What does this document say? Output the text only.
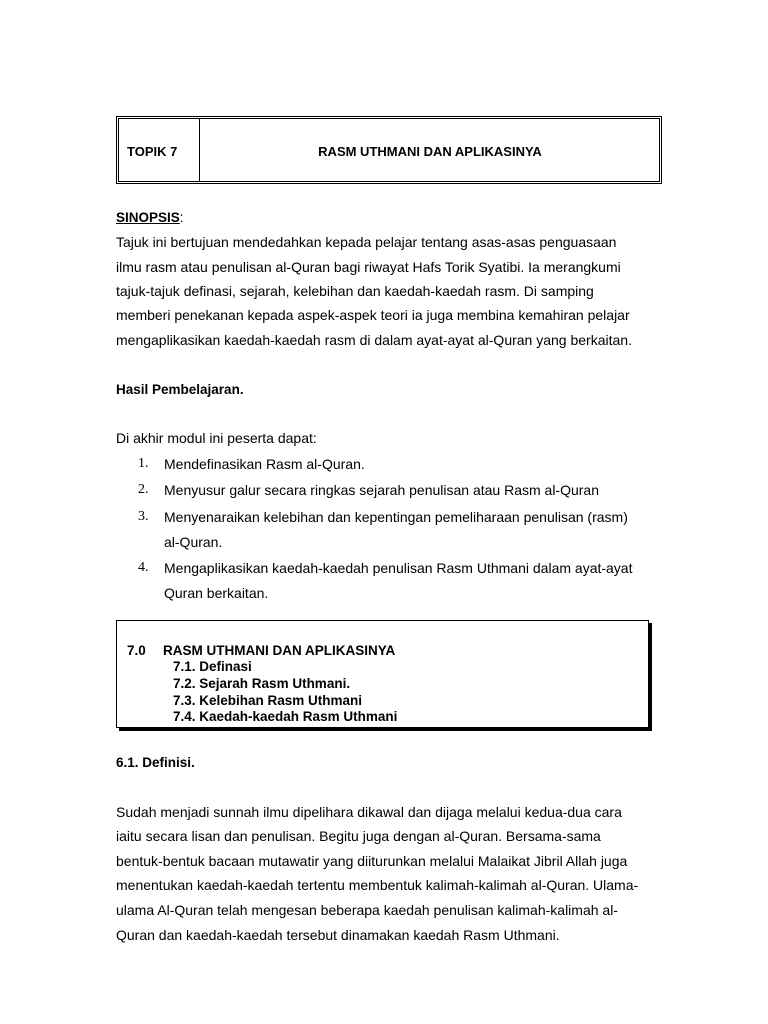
TOPIK 7	RASM UTHMANI DAN APLIKASINYA
SINOPSIS:
Tajuk ini bertujuan mendedahkan kepada pelajar tentang asas-asas penguasaan
ilmu rasm atau penulisan al-Quran bagi riwayat Hafs Torik Syatibi. Ia merangkumi
tajuk-tajuk definasi, sejarah, kelebihan dan kaedah-kaedah rasm. Di samping
memberi penekanan kepada aspek-aspek teori ia juga membina kemahiran pelajar
mengaplikasikan kaedah-kaedah rasm di dalam ayat-ayat al-Quran yang berkaitan.
Hasil Pembelajaran.
Di akhir modul ini peserta dapat:
1. Mendefinasikan Rasm al-Quran.
2. Menyusur galur secara ringkas sejarah penulisan atau Rasm al-Quran
3. Menyenaraikan kelebihan dan kepentingan pemeliharaan penulisan (rasm)
al-Quran.
4. Mengaplikasikan kaedah-kaedah penulisan Rasm Uthmani dalam ayat-ayat
Quran berkaitan.
7.0 RASM UTHMANI DAN APLIKASINYA
7.1. Definasi
7.2. Sejarah Rasm Uthmani.
7.3. Kelebihan Rasm Uthmani
7.4. Kaedah-kaedah Rasm Uthmani
6.1. Definisi.
Sudah menjadi sunnah ilmu dipelihara dikawal dan dijaga melalui kedua-dua cara
iaitu secara lisan dan penulisan. Begitu juga dengan al-Quran. Bersama-sama
bentuk-bentuk bacaan mutawatir yang diiturunkan melalui Malaikat Jibril Allah juga
menentukan kaedah-kaedah tertentu membentuk kalimah-kalimah al-Quran. Ulama-
ulama Al-Quran telah mengesan beberapa kaedah penulisan kalimah-kalimah al-
Quran dan kaedah-kaedah tersebut dinamakan kaedah Rasm Uthmani.
